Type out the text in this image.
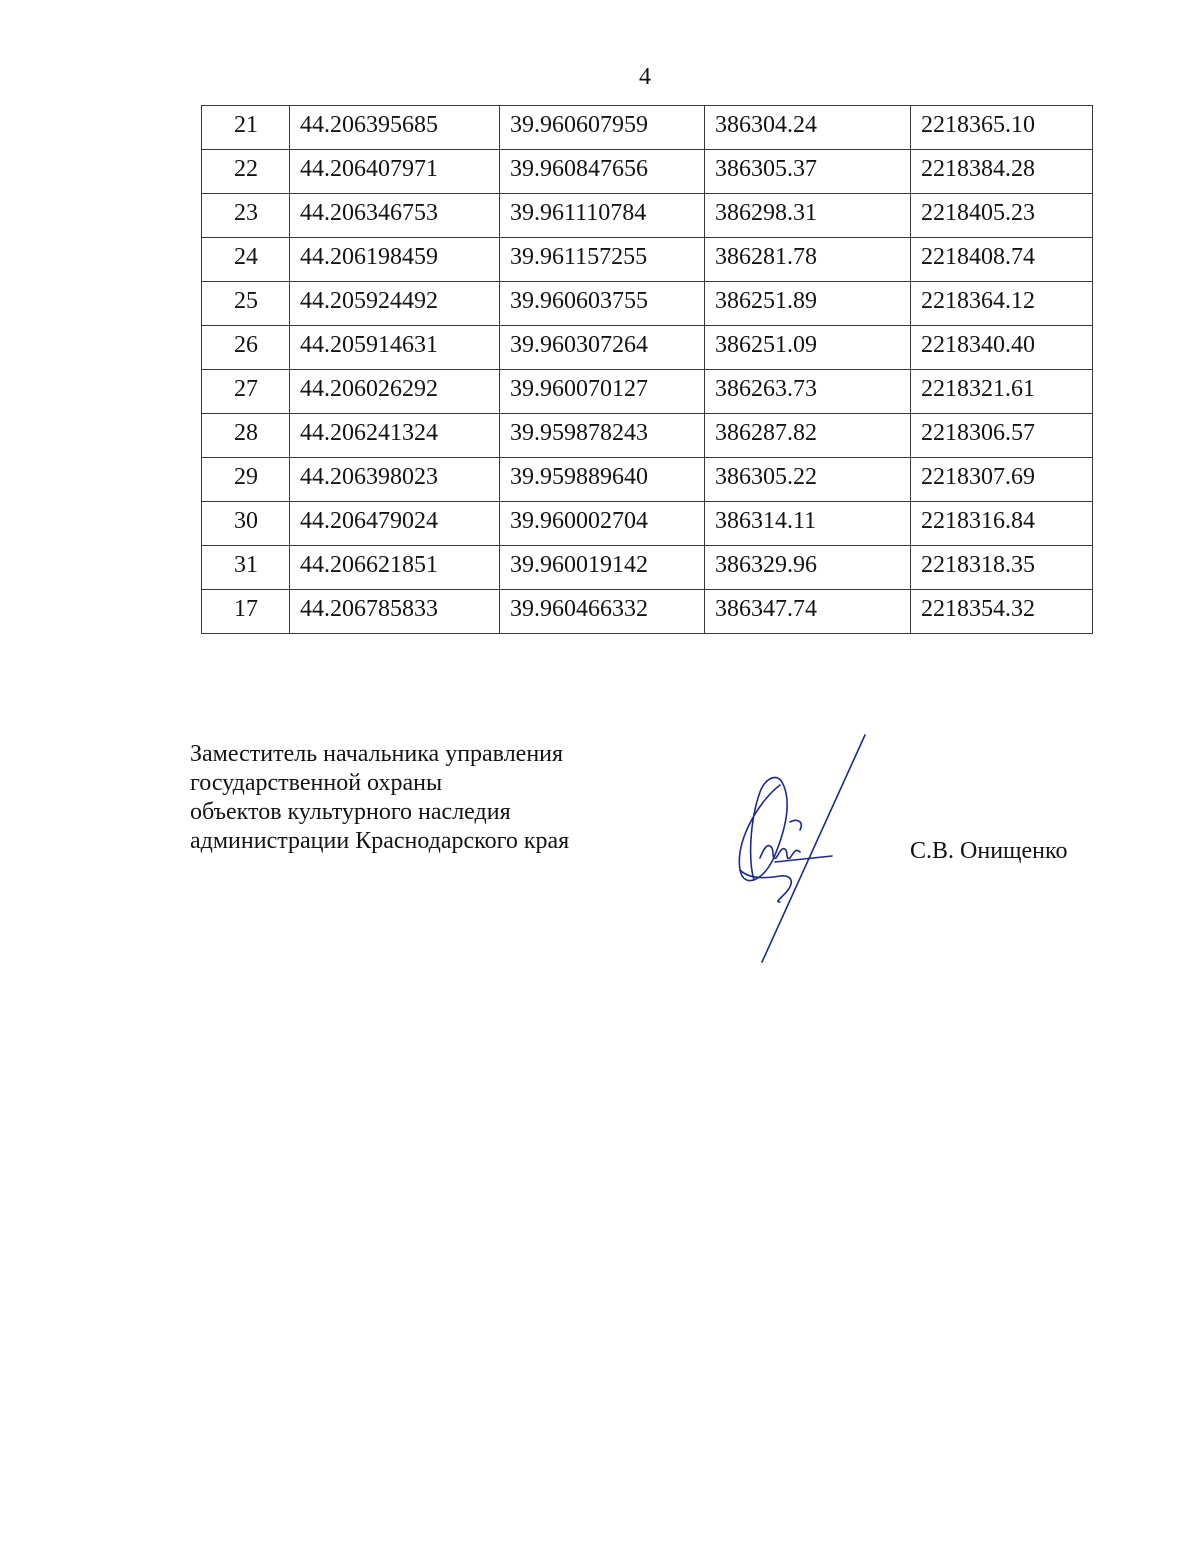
4
21	44.206395685	39.960607959	386304.24	2218365.10
22	44.206407971	39.960847656	386305.37	2218384.28
23	44.206346753	39.961110784	386298.31	2218405.23
24	44.206198459	39.961157255	386281.78	2218408.74
25	44.205924492	39.960603755	386251.89	2218364.12
26	44.205914631	39.960307264	386251.09	2218340.40
27	44.206026292	39.960070127	386263.73	2218321.61
28	44.206241324	39.959878243	386287.82	2218306.57
29	44.206398023	39.959889640	386305.22	2218307.69
30	44.206479024	39.960002704	386314.11	2218316.84
31	44.206621851	39.960019142	386329.96	2218318.35
17	44.206785833	39.960466332	386347.74	2218354.32
Заместитель начальника управления
государственной охраны
объектов культурного наследия
администрации Краснодарского края	С.В. Онищенко
